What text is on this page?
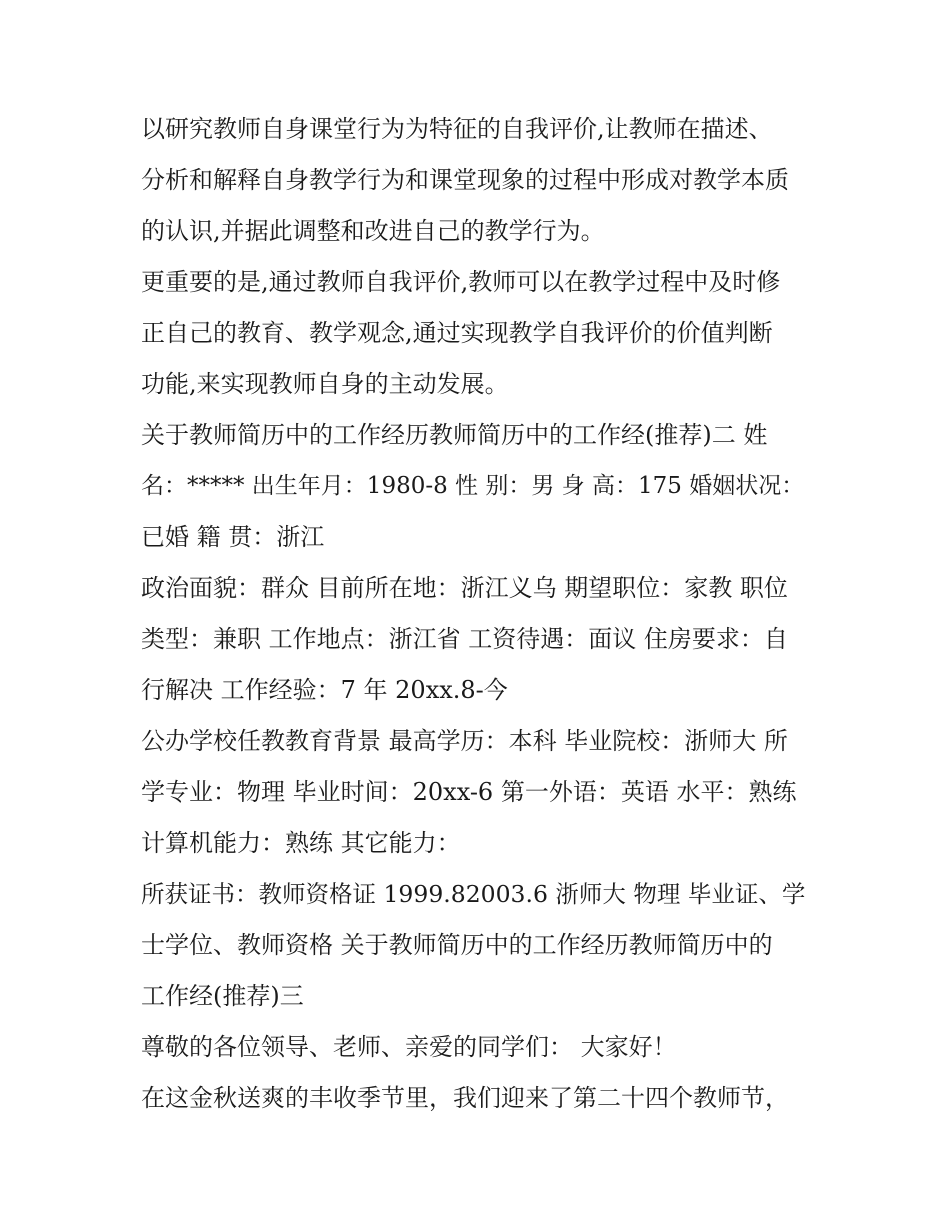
以研究教师自身课堂行为为特征的自我评价,让教师在描述、
分析和解释自身教学行为和课堂现象的过程中形成对教学本质
的认识,并据此调整和改进自己的教学行为。
更重要的是,通过教师自我评价,教师可以在教学过程中及时修
正自己的教育、教学观念,通过实现教学自我评价的价值判断
功能,来实现教师自身的主动发展。
关于教师简历中的工作经历教师简历中的工作经(推荐)二 姓
名：***** 出生年月：1980-8 性 别：男 身 高：175 婚姻状况：
已婚 籍 贯：浙江
政治面貌：群众 目前所在地：浙江义乌 期望职位：家教 职位
类型：兼职 工作地点：浙江省 工资待遇：面议 住房要求：自
行解决 工作经验：7 年 20xx.8-今
公办学校任教教育背景 最高学历：本科 毕业院校：浙师大 所
学专业：物理 毕业时间：20xx-6 第一外语：英语 水平：熟练
计算机能力：熟练 其它能力：
所获证书：教师资格证 1999.82003.6 浙师大 物理 毕业证、学
士学位、教师资格 关于教师简历中的工作经历教师简历中的
工作经(推荐)三
尊敬的各位领导、老师、亲爱的同学们： 大家好！
在这金秋送爽的丰收季节里，我们迎来了第二十四个教师节，
